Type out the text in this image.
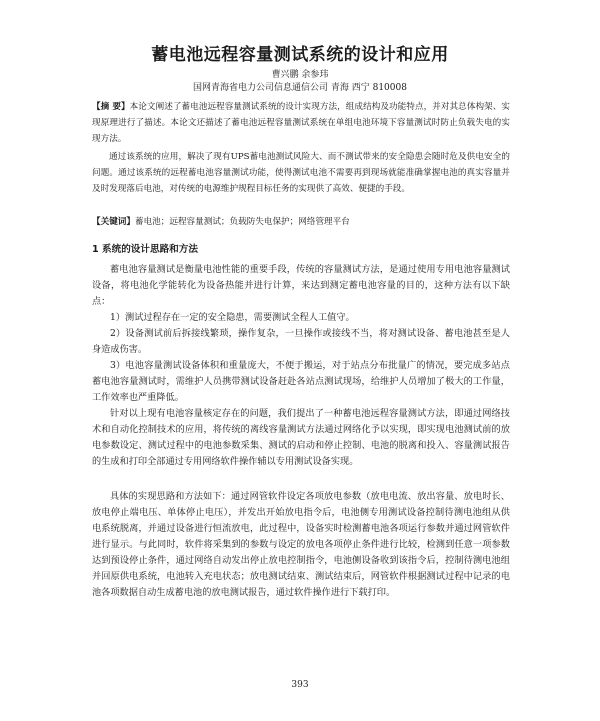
蓄电池远程容量测试系统的设计和应用
曹兴鹏 余参玮
国网青海省电力公司信息通信公司 青海 西宁 810008
【摘 要】本论文阐述了蓄电池远程容量测试系统的设计实现方法，组成结构及功能特点，并对其总体构架、实现原理进行了描述。本论文还描述了蓄电池远程容量测试系统在单组电池环境下容量测试时防止负载失电的实现方法。
通过该系统的应用，解决了现有UPS蓄电池测试风险大、而不测试带来的安全隐患会随时危及供电安全的问题。通过该系统的远程蓄电池容量测试功能，使得测试电池不需要再到现场就能准确掌握电池的真实容量并及时发现落后电池，对传统的电源维护规程目标任务的实现供了高效、便捷的手段。
【关键词】蓄电池；远程容量测试；负载防失电保护；网络管理平台
1 系统的设计思路和方法

蓄电池容量测试是衡量电池性能的重要手段，传统的容量测试方法，是通过使用专用电池容量测试设备，将电池化学能转化为设备热能并进行计算，来达到测定蓄电池容量的目的，这种方法有以下缺点：

1）测试过程存在一定的安全隐患，需要测试全程人工值守。

2）设备测试前后拆接线繁琐，操作复杂，一旦操作或接线不当，将对测试设备、蓄电池甚至是人身造成伤害。

3）电池容量测试设备体积和重量庞大，不便于搬运，对于站点分布批量广的情况，要完成多站点蓄电池容量测试时，需维护人员携带测试设备赶赴各站点测试现场，给维护人员增加了极大的工作量，工作效率也严重降低。

针对以上现有电池容量核定存在的问题，我们提出了一种蓄电池远程容量测试方法，即通过网络技术和自动化控制技术的应用，将传统的离线容量测试方法通过网络化予以实现，即实现电池测试前的放电参数设定、测试过程中的电池参数采集、测试的启动和停止控制、电池的脱离和投入、容量测试报告的生成和打印全部通过专用网络软件操作辅以专用测试设备实现。

具体的实现思路和方法如下：通过网管软件设定各项放电参数（放电电流、放出容量、放电时长、放电停止端电压、单体停止电压），并发出开始放电指令后，电池侧专用测试设备控制待测电池组从供电系统脱离，并通过设备进行恒流放电，此过程中，设备实时检测蓄电池各项运行参数并通过网管软件进行显示。与此同时，软件将采集到的参数与设定的放电各项停止条件进行比较，检测到任意一项参数达到预设停止条件，通过网络自动发出停止放电控制指令，电池侧设备收到该指令后，控制待测电池组并回原供电系统，电池转入充电状态；放电测试结束、测试结束后，网管软件根据测试过程中记录的电池各项数据自动生成蓄电池的放电测试报告，通过软件操作进行下载打印。

393
